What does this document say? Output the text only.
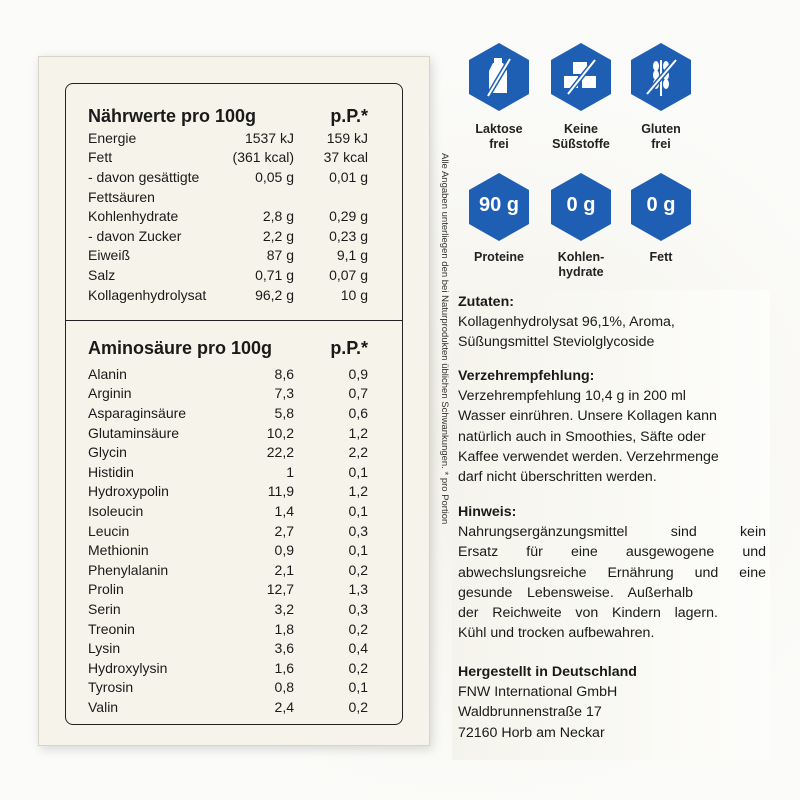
Nährwerte pro 100g	p.P.*
Energie	1537 kJ	159 kJ
Fett	(361 kcal)	37 kcal
- davon gesättigte	0,05 g	0,01 g
Fettsäuren
Kohlenhydrate	2,8 g	0,29 g
- davon Zucker	2,2 g	0,23 g
Eiweiß	87 g	9,1 g
Salz	0,71 g	0,07 g
Kollagenhydrolysat	96,2 g	10 g
Aminosäure pro 100g	p.P.*
Alanin	8,6	0,9
Arginin	7,3	0,7
Asparaginsäure	5,8	0,6
Glutaminsäure	10,2	1,2
Glycin	22,2	2,2
Histidin	1	0,1
Hydroxypolin	11,9	1,2
Isoleucin	1,4	0,1
Leucin	2,7	0,3
Methionin	0,9	0,1
Phenylalanin	2,1	0,2
Prolin	12,7	1,3
Serin	3,2	0,3
Treonin	1,8	0,2
Lysin	3,6	0,4
Hydroxylysin	1,6	0,2
Tyrosin	0,8	0,1
Valin	2,4	0,2
Alle Angaben unterliegen den bei Naturprodukten üblichen Schwankungen. * pro Portion
Laktose
frei
Keine
Süßstoffe
Gluten
frei
90 g	0 g	0 g
Proteine	Kohlen-
hydrate
Fett
Zutaten:
Kollagenhydrolysat 96,1%, Aroma,
Süßungsmittel Steviolglycoside
Verzehrempfehlung:
Verzehrempfehlung 10,4 g in 200 ml
Wasser einrühren. Unsere Kollagen kann
natürlich auch in Smoothies, Säfte oder
Kaffee verwendet werden. Verzehrmenge
darf nicht überschritten werden.
Hinweis:
Nahrungsergänzungsmittel sind kein
Ersatz für eine ausgewogene und
abwechslungsreiche Ernährung und eine
gesunde Lebensweise. Außerhalb
der Reichweite von Kindern lagern.
Kühl und trocken aufbewahren.
Hergestellt in Deutschland
FNW International GmbH
Waldbrunnenstraße 17
72160 Horb am Neckar
